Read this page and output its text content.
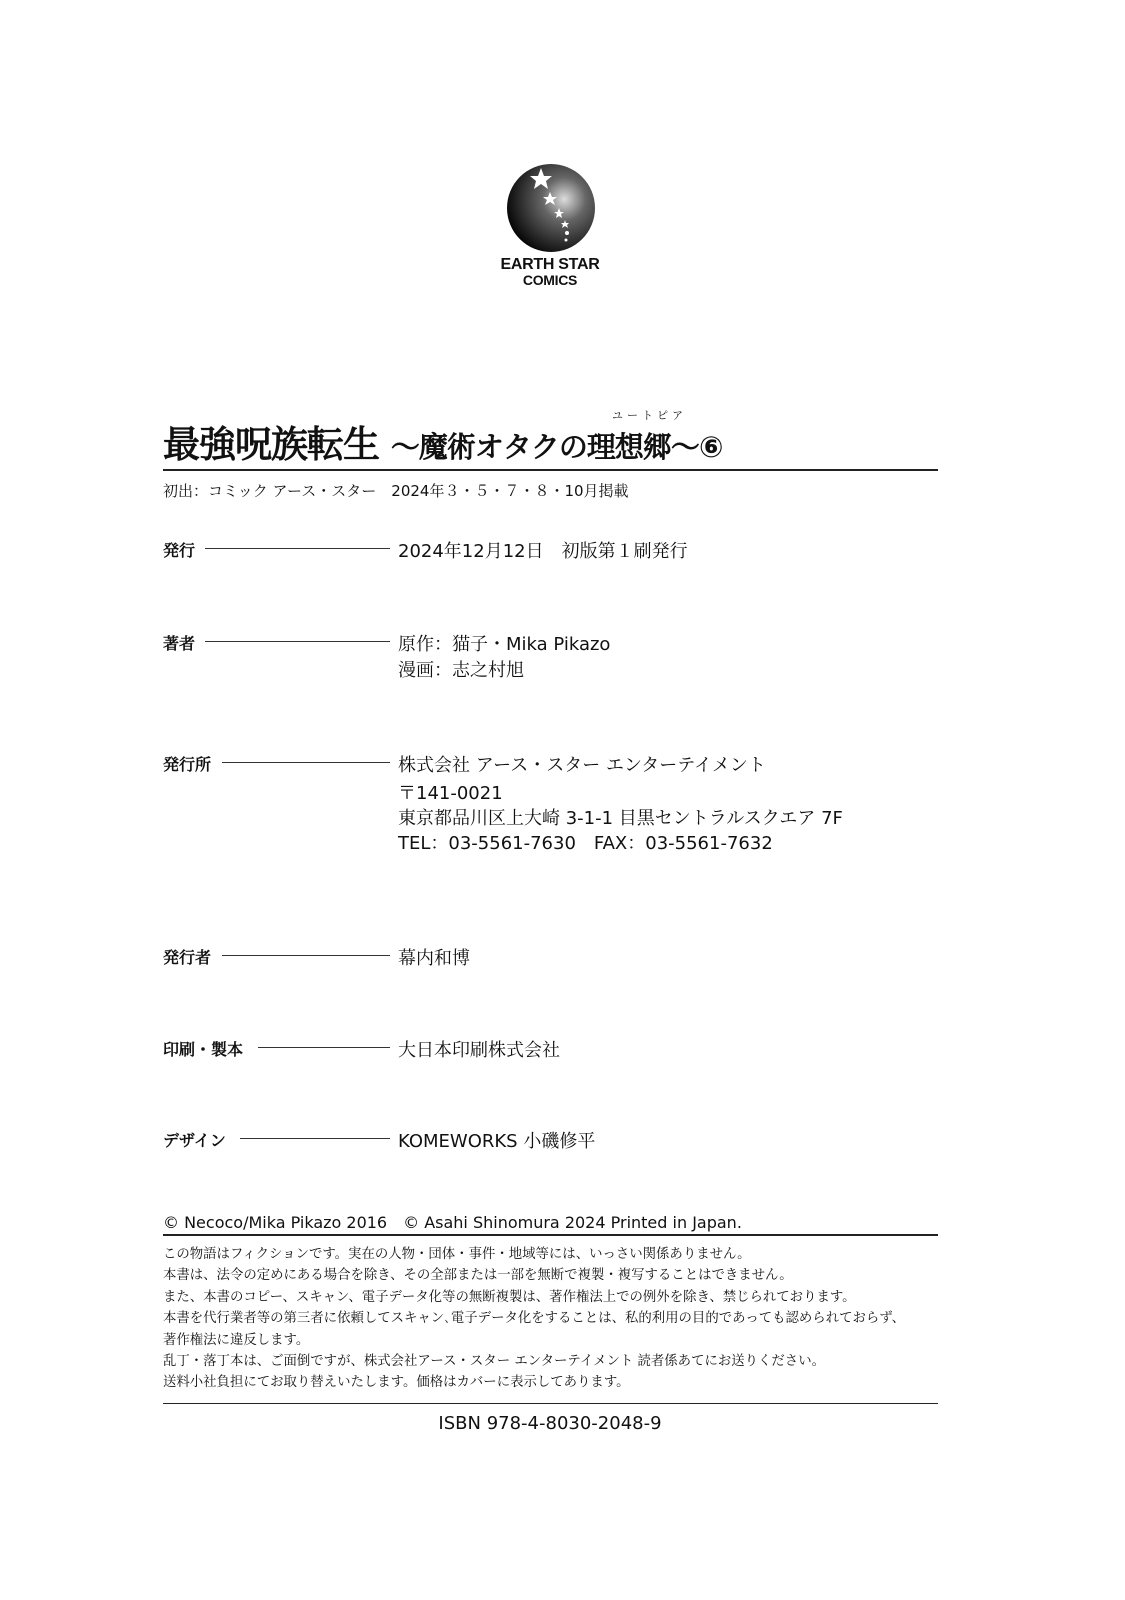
EARTH STAR
COMICS
ユートピア
最強呪族転生 ～魔術オタクの理想郷～⑥
初出：コミック アース・スター　2024年３・５・７・８・10月掲載
発行	2024年12月12日　初版第１刷発行
著者	原作：猫子・Mika Pikazo
漫画：志之村旭
発行所	株式会社 アース・スター エンターテイメント
〒141-0021
東京都品川区上大崎 3-1-1 目黒セントラルスクエア 7F
TEL：03-5561-7630　FAX：03-5561-7632
発行者	幕内和博
印刷・製本	大日本印刷株式会社
デザイン	KOMEWORKS 小磯修平
© Necoco/Mika Pikazo 2016　© Asahi Shinomura 2024 Printed in Japan.
この物語はフィクションです。実在の人物・団体・事件・地域等には、いっさい関係ありません。
本書は、法令の定めにある場合を除き、その全部または一部を無断で複製・複写することはできません。
また、本書のコピー、スキャン、電子データ化等の無断複製は、著作権法上での例外を除き、禁じられております。
本書を代行業者等の第三者に依頼してスキャン､電子データ化をすることは、私的利用の目的であっても認められておらず、
著作権法に違反します。
乱丁・落丁本は、ご面倒ですが、株式会社アース・スター エンターテイメント 読者係あてにお送りください。
送料小社負担にてお取り替えいたします。価格はカバーに表示してあります。
ISBN 978-4-8030-2048-9
